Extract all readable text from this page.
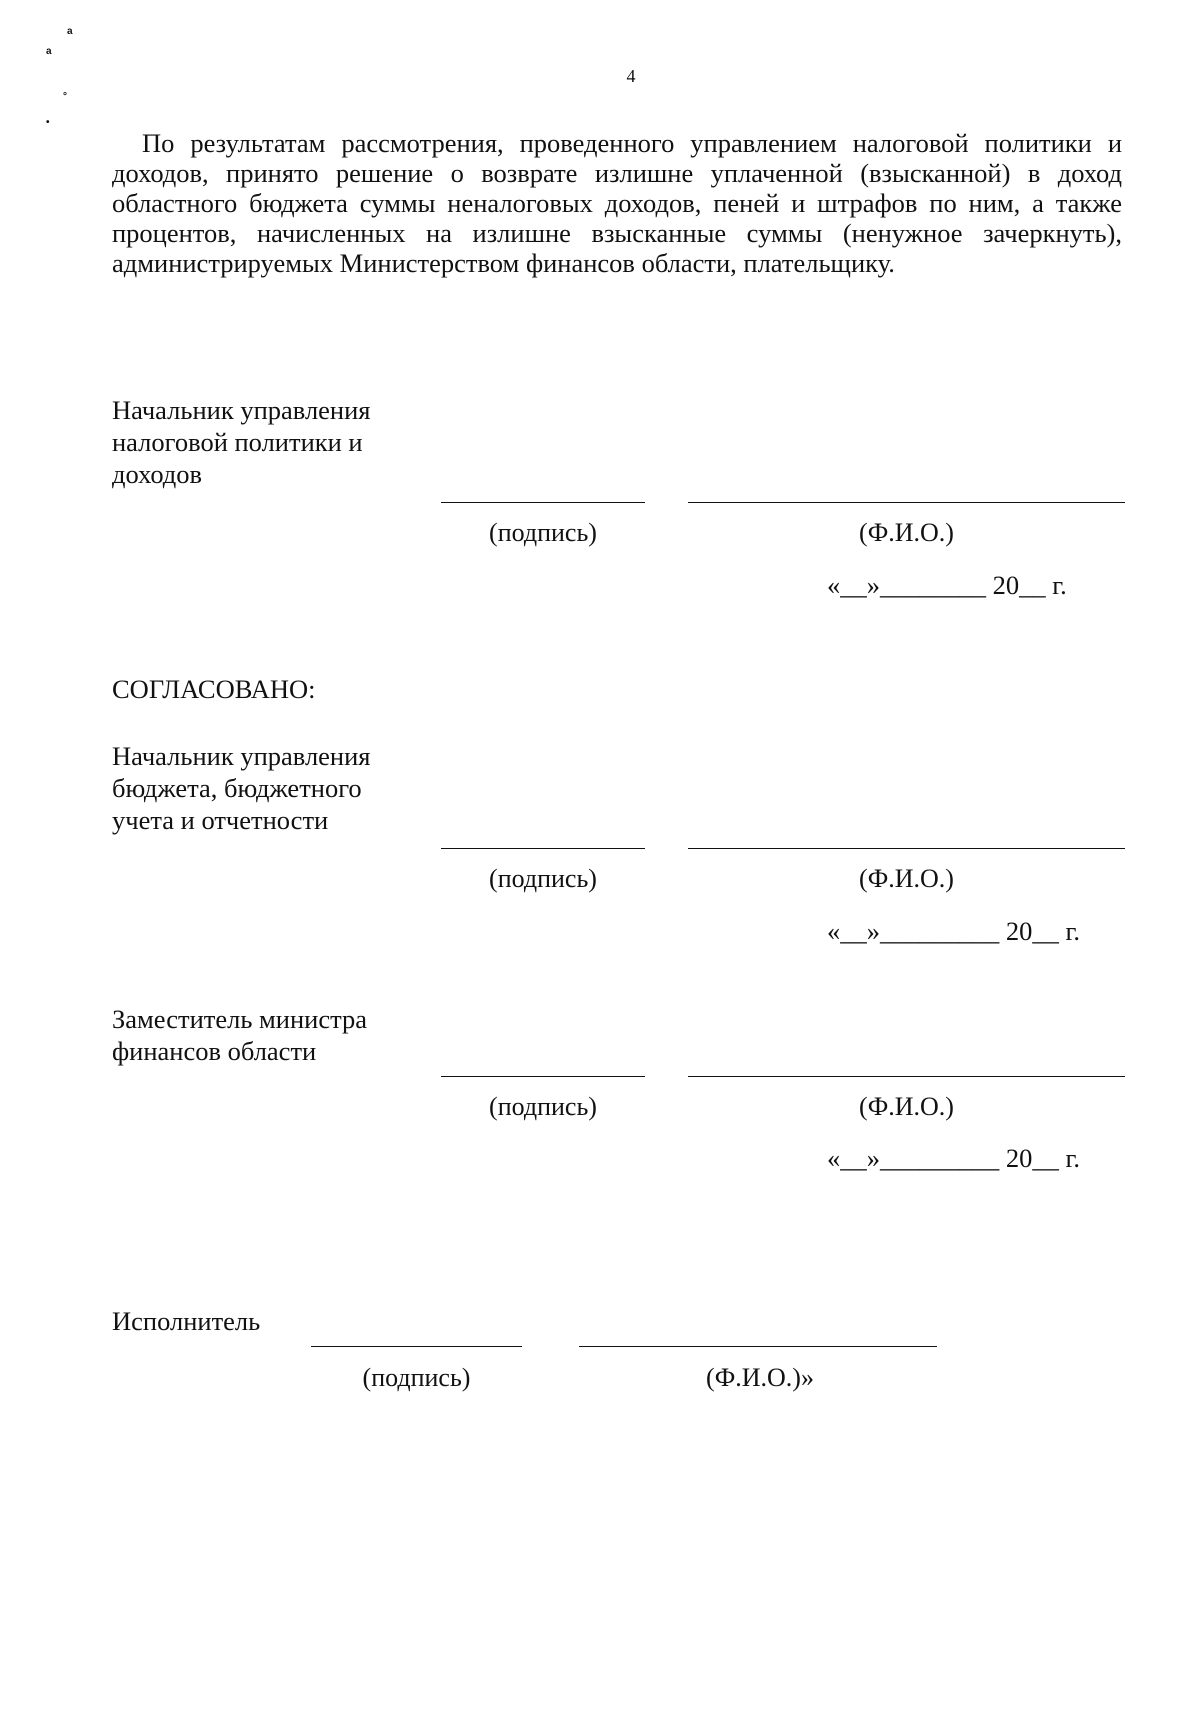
a
a
°
•
4

По результатам рассмотрения, проведенного управлением налоговой политики и доходов, принято решение о возврате излишне уплаченной (взысканной) в доход областного бюджета суммы неналоговых доходов, пеней и штрафов по ним, а также процентов, начисленных на излишне взысканные суммы (ненужное зачеркнуть), администрируемых Министерством финансов области, плательщику.

Начальник управления
налоговой политики и
доходов
(подпись)	(Ф.И.О.)
«__»________ 20__ г.
СОГЛАСОВАНО:
Начальник управления
бюджета, бюджетного
учета и отчетности
(подпись)	(Ф.И.О.)
«__»_________ 20__ г.
Заместитель министра
финансов области
(подпись)	(Ф.И.О.)
«__»_________ 20__ г.
Исполнитель
(подпись)	(Ф.И.О.)»
